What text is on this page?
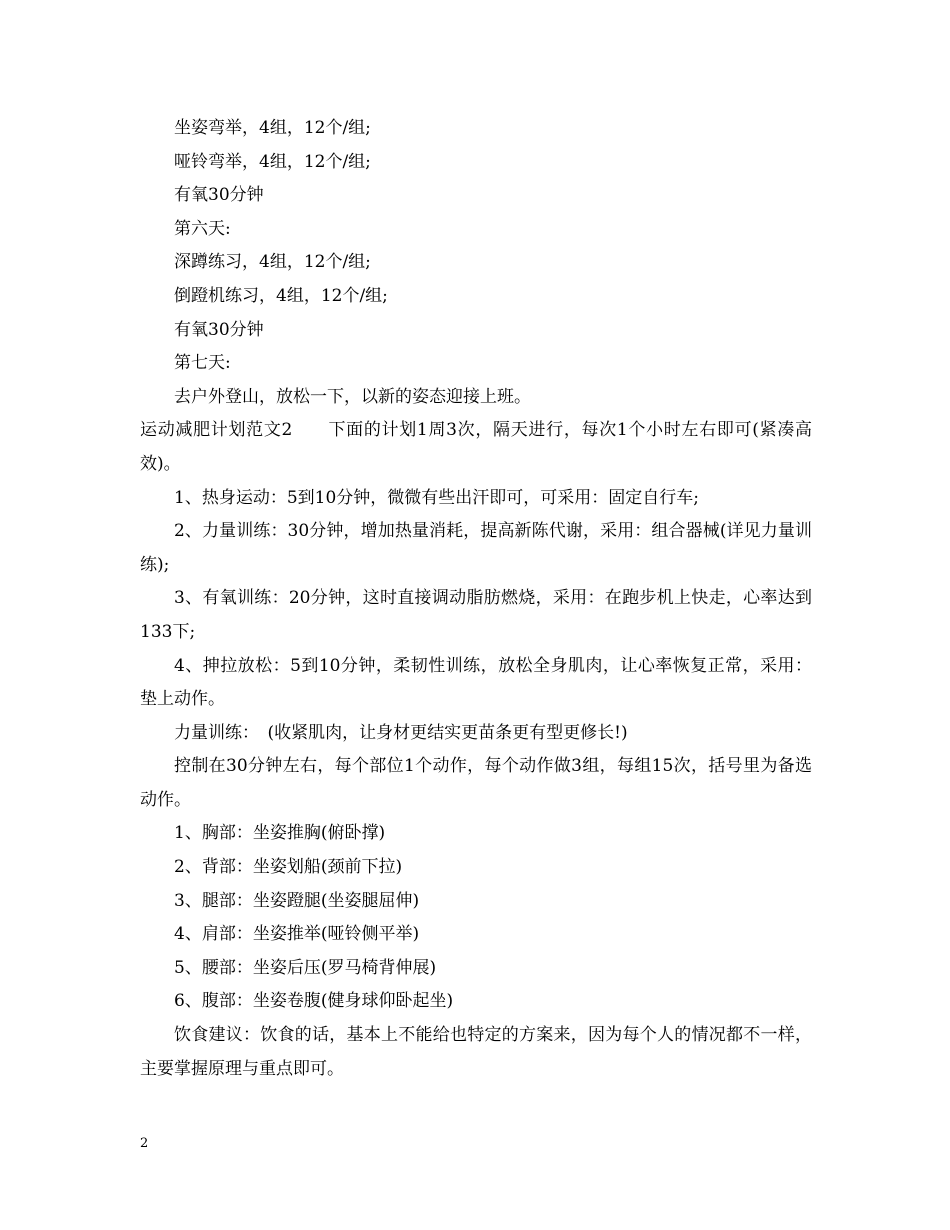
坐姿弯举，4组，12个/组;

哑铃弯举，4组，12个/组;

有氧30分钟

第六天:

深蹲练习，4组，12个/组;

倒蹬机练习，4组，12个/组;

有氧30分钟

第七天:

去户外登山，放松一下，以新的姿态迎接上班。

运动减肥计划范文2　　下面的计划1周3次，隔天进行，每次1个小时左右即可(紧凑高效)。

1、热身运动：5到10分钟，微微有些出汗即可，可采用：固定自行车;

2、力量训练：30分钟，增加热量消耗，提高新陈代谢，采用：组合器械(详见力量训练);

3、有氧训练：20分钟，这时直接调动脂肪燃烧，采用：在跑步机上快走，心率达到133下;

4、抻拉放松：5到10分钟，柔韧性训练，放松全身肌肉，让心率恢复正常，采用：垫上动作。

力量训练：　(收紧肌肉，让身材更结实更苗条更有型更修长!)

控制在30分钟左右，每个部位1个动作，每个动作做3组，每组15次，括号里为备选动作。

1、胸部：坐姿推胸(俯卧撑)

2、背部：坐姿划船(颈前下拉)

3、腿部：坐姿蹬腿(坐姿腿屈伸)

4、肩部：坐姿推举(哑铃侧平举)

5、腰部：坐姿后压(罗马椅背伸展)

6、腹部：坐姿卷腹(健身球仰卧起坐)

饮食建议：饮食的话，基本上不能给也特定的方案来，因为每个人的情况都不一样，主要掌握原理与重点即可。

2
